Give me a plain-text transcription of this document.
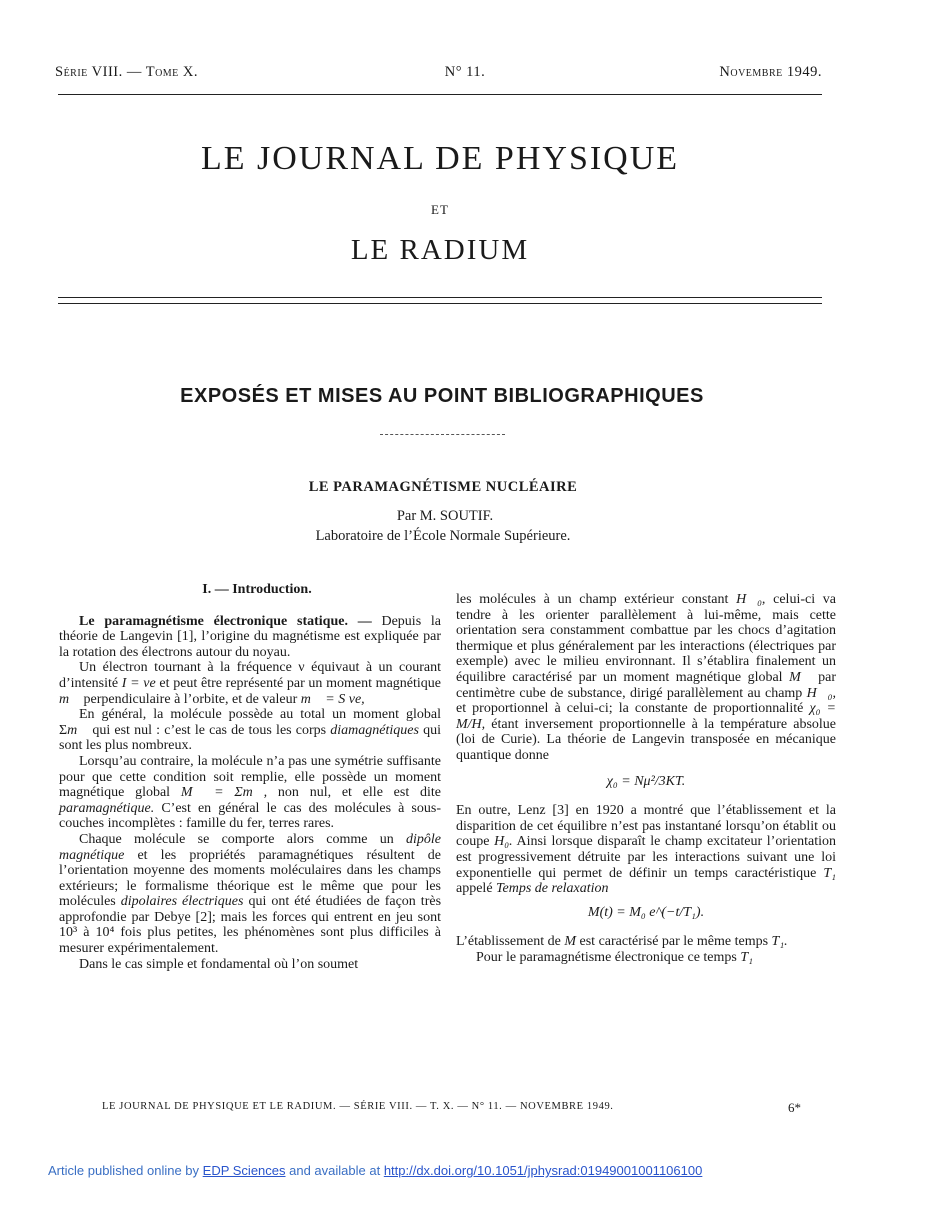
Série VIII. — Tome X.	N° 11.	Novembre 1949.
LE JOURNAL DE PHYSIQUE
ET
LE RADIUM
EXPOSÉS ET MISES AU POINT BIBLIOGRAPHIQUES
LE PARAMAGNÉTISME NUCLÉAIRE
Par M. SOUTIF.
Laboratoire de l’École Normale Supérieure.

I. — Introduction.

Le paramagnétisme électronique statique. — Depuis la théorie de Langevin [1], l’origine du magnétisme est expliquée par la rotation des électrons autour du noyau.

Un électron tournant à la fréquence ν équivaut à un courant d’intensité I = νe et peut être représenté par un moment magnétique m⃗ perpendiculaire à l’orbite, et de valeur m⃗ = S νe,

En général, la molécule possède au total un moment global Σm⃗ qui est nul : c’est le cas de tous les corps diamagnétiques qui sont les plus nombreux.

Lorsqu’au contraire, la molécule n’a pas une symétrie suffisante pour que cette condition soit remplie, elle possède un moment magnétique global M⃗ = Σm⃗, non nul, et elle est dite paramagnétique. C’est en général le cas des molécules à sous-couches incomplètes : famille du fer, terres rares.

Chaque molécule se comporte alors comme un dipôle magnétique et les propriétés paramagnétiques résultent de l’orientation moyenne des moments moléculaires dans les champs extérieurs; le formalisme théorique est le même que pour les molécules dipolaires électriques qui ont été étudiées de façon très approfondie par Debye [2]; mais les forces qui entrent en jeu sont 10³ à 10⁴ fois plus petites, les phénomènes sont plus difficiles à mesurer expérimentalement.

Dans le cas simple et fondamental où l’on soumet

les molécules à un champ extérieur constant H⃗₀, celui-ci va tendre à les orienter parallèlement à lui-même, mais cette orientation sera constamment combattue par les chocs d’agitation thermique et plus généralement par les interactions (électriques par exemple) avec le milieu environnant. Il s’établira finalement un équilibre caractérisé par un moment magnétique global M⃗ par centimètre cube de substance, dirigé parallèlement au champ H⃗₀, et proportionnel à celui-ci; la constante de proportionnalité χ₀ = M/H, étant inversement proportionnelle à la température absolue (loi de Curie). La théorie de Langevin transposée en mécanique quantique donne

χ₀ = Nμ²/3KT.

En outre, Lenz [3] en 1920 a montré que l’établissement et la disparition de cet équilibre n’est pas instantané lorsqu’on établit ou coupe H₀. Ainsi lorsque disparaît le champ excitateur l’orientation est progressivement détruite par les interactions suivant une loi exponentielle qui permet de définir un temps caractéristique T₁ appelé Temps de relaxation

M(t) = M₀ e^(−t/T₁).

L’établissement de M est caractérisé par le même temps T₁.

Pour le paramagnétisme électronique ce temps T₁

LE JOURNAL DE PHYSIQUE ET LE RADIUM. — SÉRIE VIII. — T. X. — N° 11. — NOVEMBRE 1949.	6*
Article published online by EDP Sciences and available at http://dx.doi.org/10.1051/jphysrad:01949001001106100
